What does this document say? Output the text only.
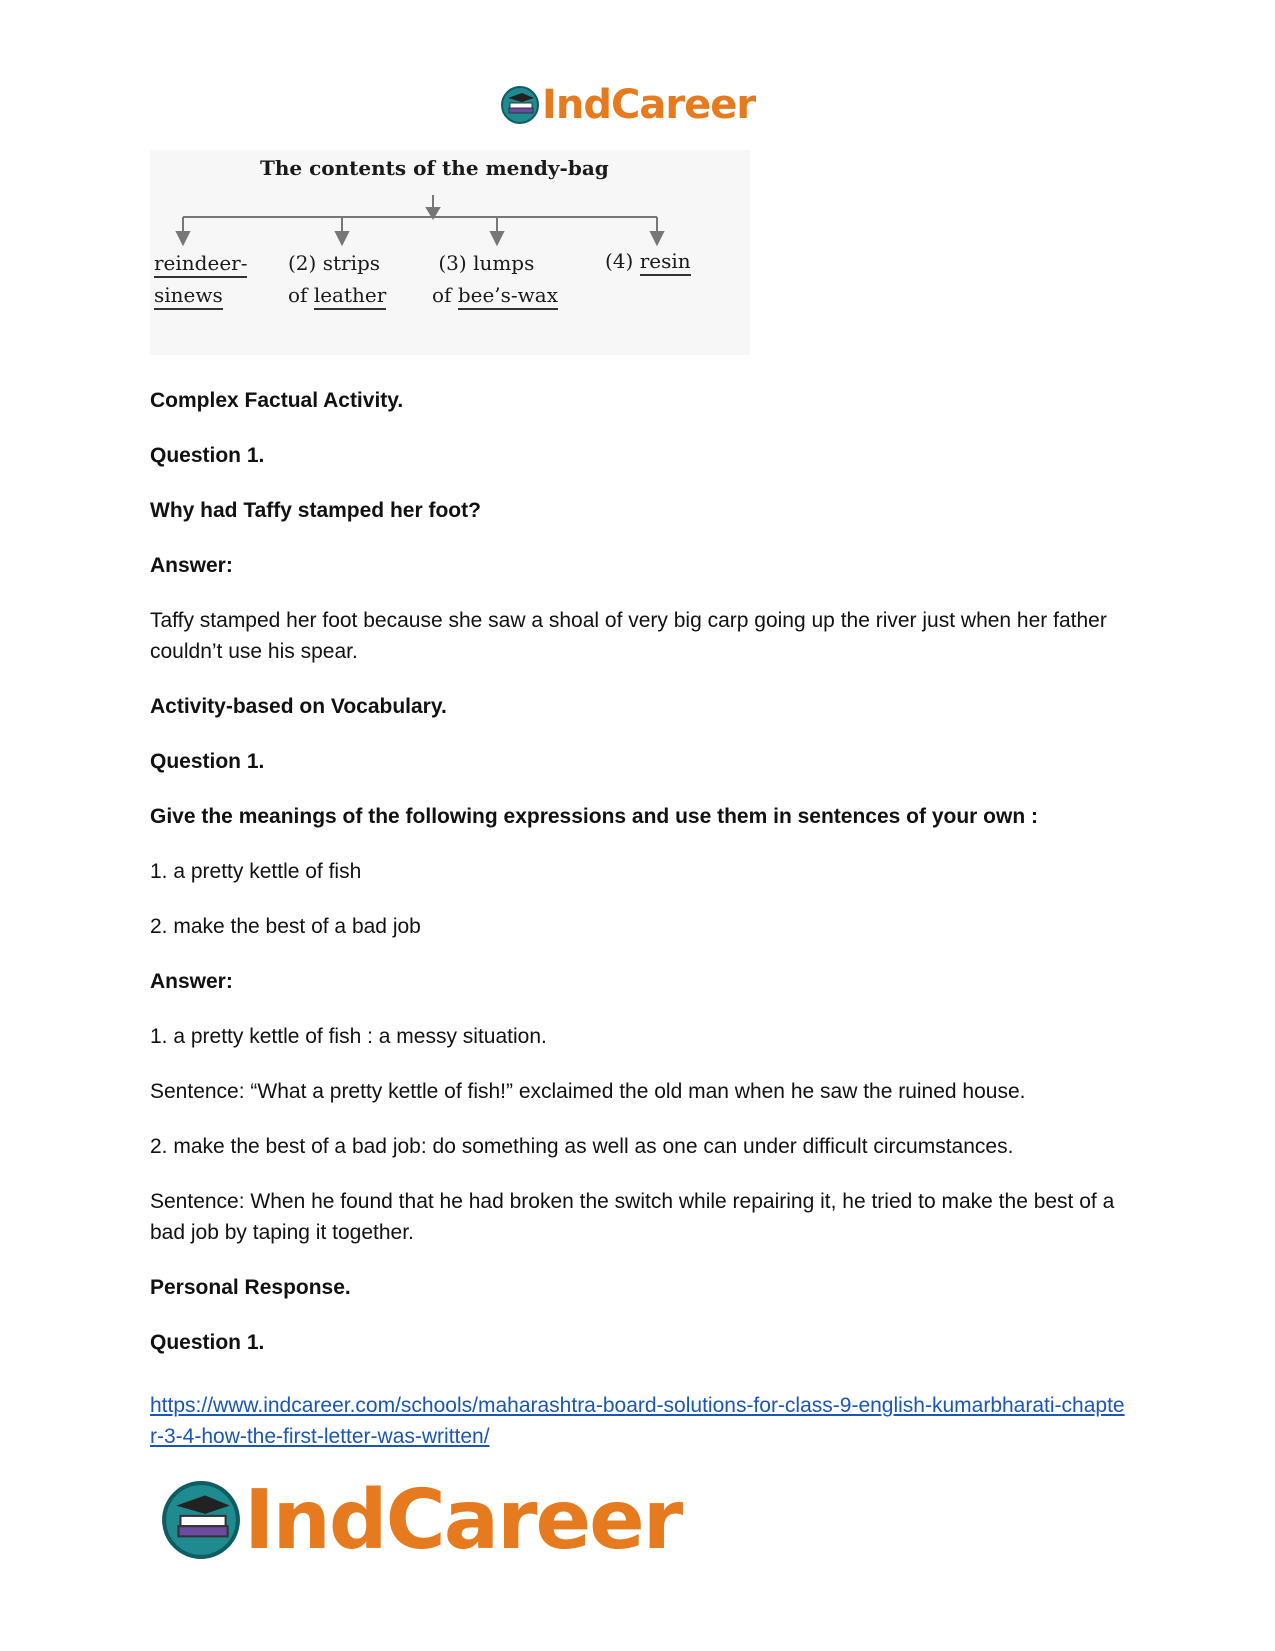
IndCareer
The contents of the mendy-bag
reindeer-
sinews
(2) strips
of leather
(3) lumps
of bee’s-wax
(4) resin

Complex Factual Activity.

Question 1.

Why had Taffy stamped her foot?

Answer:

Taffy stamped her foot because she saw a shoal of very big carp going up the river just when her father couldn’t use his spear.

Activity-based on Vocabulary.

Question 1.

Give the meanings of the following expressions and use them in sentences of your own :

1. a pretty kettle of fish

2. make the best of a bad job

Answer:

1. a pretty kettle of fish : a messy situation.

Sentence: “What a pretty kettle of fish!” exclaimed the old man when he saw the ruined house.

2. make the best of a bad job: do something as well as one can under difficult circumstances.

Sentence: When he found that he had broken the switch while repairing it, he tried to make the best of a bad job by taping it together.

Personal Response.

Question 1.

https://www.indcareer.com/schools/maharashtra-board-solutions-for-class-9-english-kumarbharati-chapter-3-4-how-the-first-letter-was-written/

IndCareer
